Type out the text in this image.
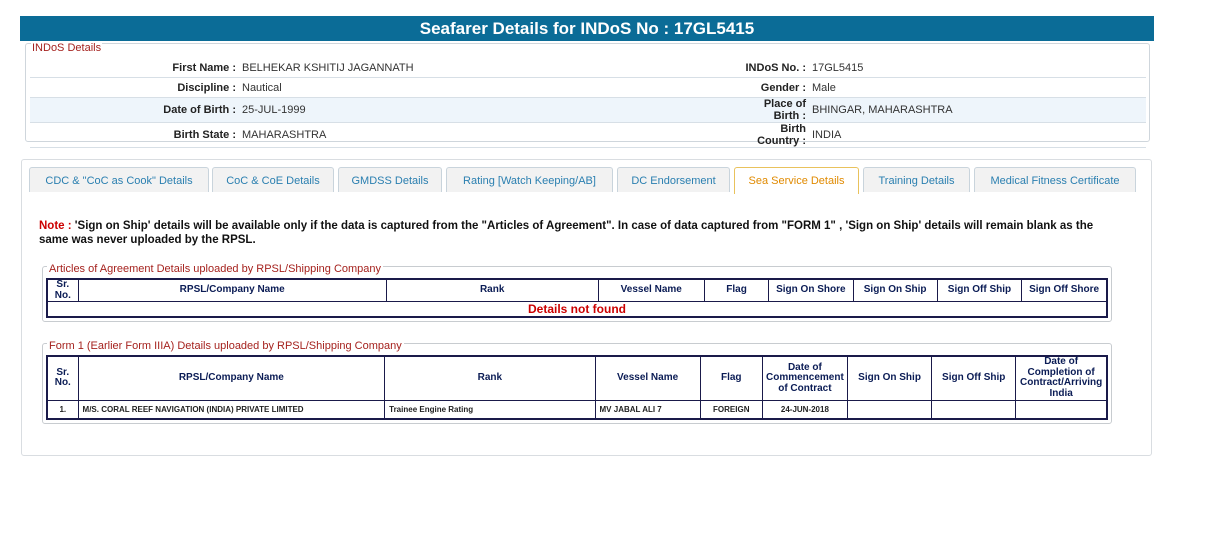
Seafarer Details for INDoS No : 17GL5415
INDoS Details
First Name :	BELHEKAR KSHITIJ JAGANNATH	INDoS No. :	17GL5415
Discipline :	Nautical	Gender :	Male
Date of Birth :	25-JUL-1999	Place of Birth :	BHINGAR, MAHARASHTRA
Birth State :	MAHARASHTRA	Birth Country :	INDIA
CDC & "CoC as Cook" Details	CoC & CoE Details	GMDSS Details	Rating [Watch Keeping/AB]	DC Endorsement	Sea Service Details	Training Details	Medical Fitness Certificate
Note : 'Sign on Ship' details will be available only if the data is captured from the "Articles of Agreement". In case of data captured from "FORM 1" , 'Sign on Ship' details will remain blank as the same was never uploaded by the RPSL.
Articles of Agreement Details uploaded by RPSL/Shipping Company
Sr. No.	RPSL/Company Name	Rank	Vessel Name	Flag	Sign On Shore	Sign On Ship	Sign Off Ship	Sign Off Shore
Details not found
Form 1 (Earlier Form IIIA) Details uploaded by RPSL/Shipping Company
Sr. No.	RPSL/Company Name	Rank	Vessel Name	Flag	Date of Commencement of Contract	Sign On Ship	Sign Off Ship	Date of Completion of Contract/Arriving India
1.	M/S. CORAL REEF NAVIGATION (INDIA) PRIVATE LIMITED	Trainee Engine Rating	MV JABAL ALI 7	FOREIGN	24-JUN-2018			
